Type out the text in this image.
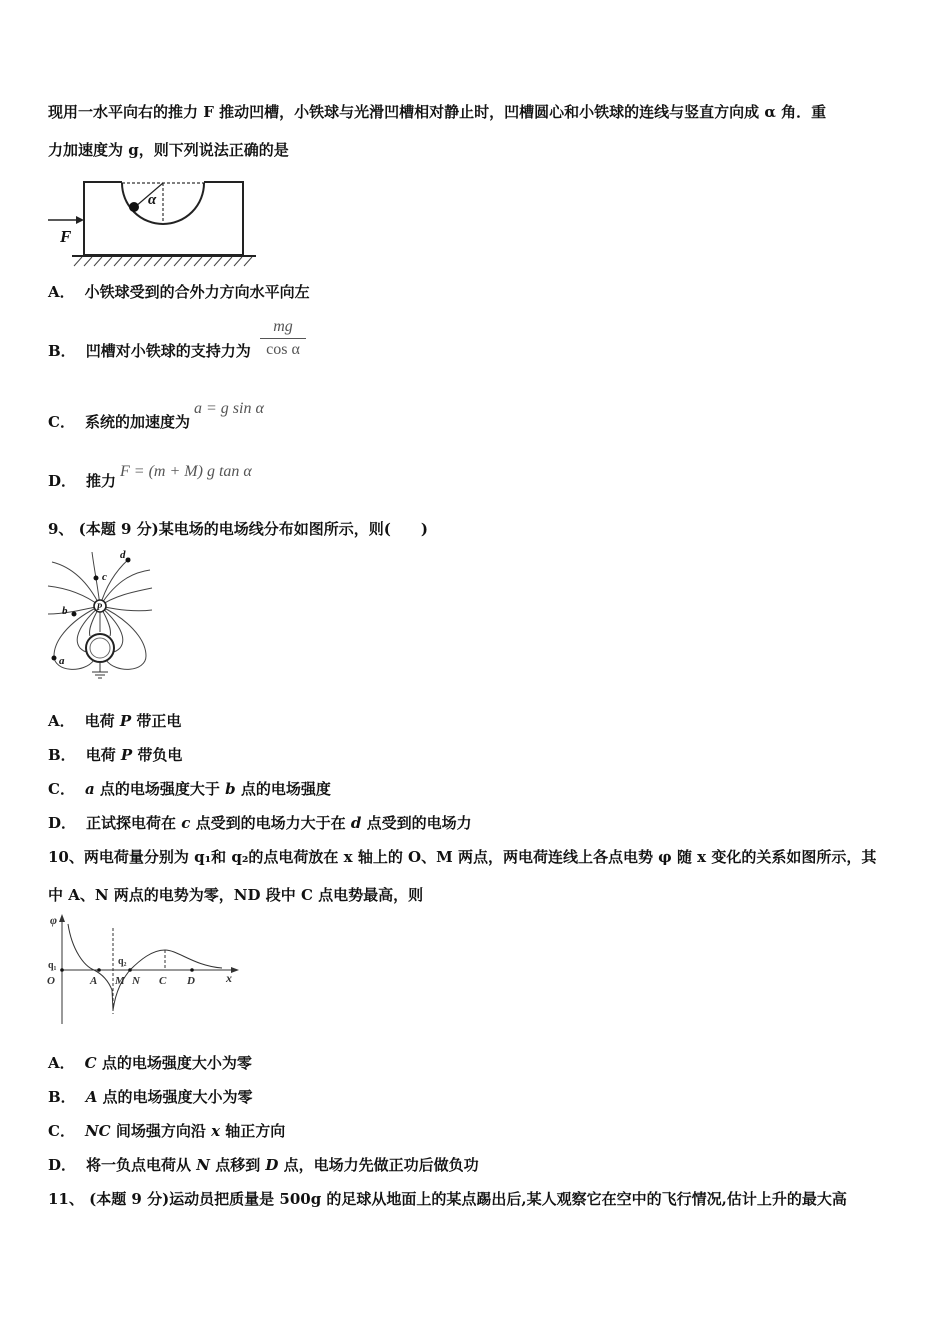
现用一水平向右的推力 F 推动凹槽，小铁球与光滑凹槽相对静止时，凹槽圆心和小铁球的连线与竖直方向成 α 角．重
力加速度为 g，则下列说法正确的是
α
F
A． 小铁球受到的合外力方向水平向左
B． 凹槽对小铁球的支持力为 $\frac{mg}{\text{cos α}}$
C． 系统的加速度为a = g sin α
D． 推力F = (m + M) g tan α
9、 (本题 9 分)某电场的电场线分布如图所示，则(　　)
P
d
c
b
a
A． 电荷 P 带正电
B． 电荷 P 带负电
C． a 点的电场强度大于 b 点的电场强度
D． 正试探电荷在 c 点受到的电场力大于在 d 点受到的电场力
10、两电荷量分别为 q₁和 q₂的点电荷放在 x 轴上的 O、M 两点，两电荷连线上各点电势 φ 随 x 变化的关系如图所示，其
中 A、N 两点的电势为零，ND 段中 C 点电势最高，则
φ
x
q₁	q₂
O	A M N C D
A． C 点的电场强度大小为零
B． A 点的电场强度大小为零
C． NC 间场强方向沿 x 轴正方向
D． 将一负点电荷从 N 点移到 D 点，电场力先做正功后做负功
11、 (本题 9 分)运动员把质量是 500g 的足球从地面上的某点踢出后,某人观察它在空中的飞行情况,估计上升的最大高
